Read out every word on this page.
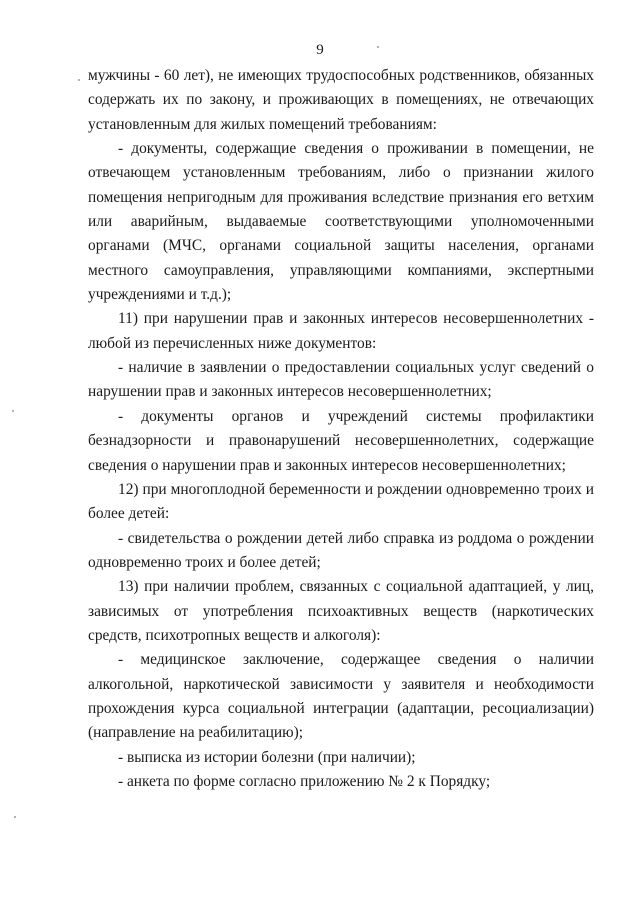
9

мужчины - 60 лет), не имеющих трудоспособных родственников, обязанных содержать их по закону, и проживающих в помещениях, не отвечающих установленным для жилых помещений требованиям:

- документы, содержащие сведения о проживании в помещении, не отвечающем установленным требованиям, либо о признании жилого помещения непригодным для проживания вследствие признания его ветхим или аварийным, выдаваемые соответствующими уполномоченными органами (МЧС, органами социальной защиты населения, органами местного самоуправления, управляющими компаниями, экспертными учреждениями и т.д.);

11) при нарушении прав и законных интересов несовершеннолетних - любой из перечисленных ниже документов:

- наличие в заявлении о предоставлении социальных услуг сведений о нарушении прав и законных интересов несовершеннолетних;

- документы органов и учреждений системы профилактики безнадзорности и правонарушений несовершеннолетних, содержащие сведения о нарушении прав и законных интересов несовершеннолетних;

12) при многоплодной беременности и рождении одновременно троих и более детей:

- свидетельства о рождении детей либо справка из роддома о рождении одновременно троих и более детей;

13) при наличии проблем, связанных с социальной адаптацией, у лиц, зависимых от употребления психоактивных веществ (наркотических средств, психотропных веществ и алкоголя):

- медицинское заключение, содержащее сведения о наличии алкогольной, наркотической зависимости у заявителя и необходимости прохождения курса социальной интеграции (адаптации, ресоциализации) (направление на реабилитацию);

- выписка из истории болезни (при наличии);

- анкета по форме согласно приложению № 2 к Порядку;
